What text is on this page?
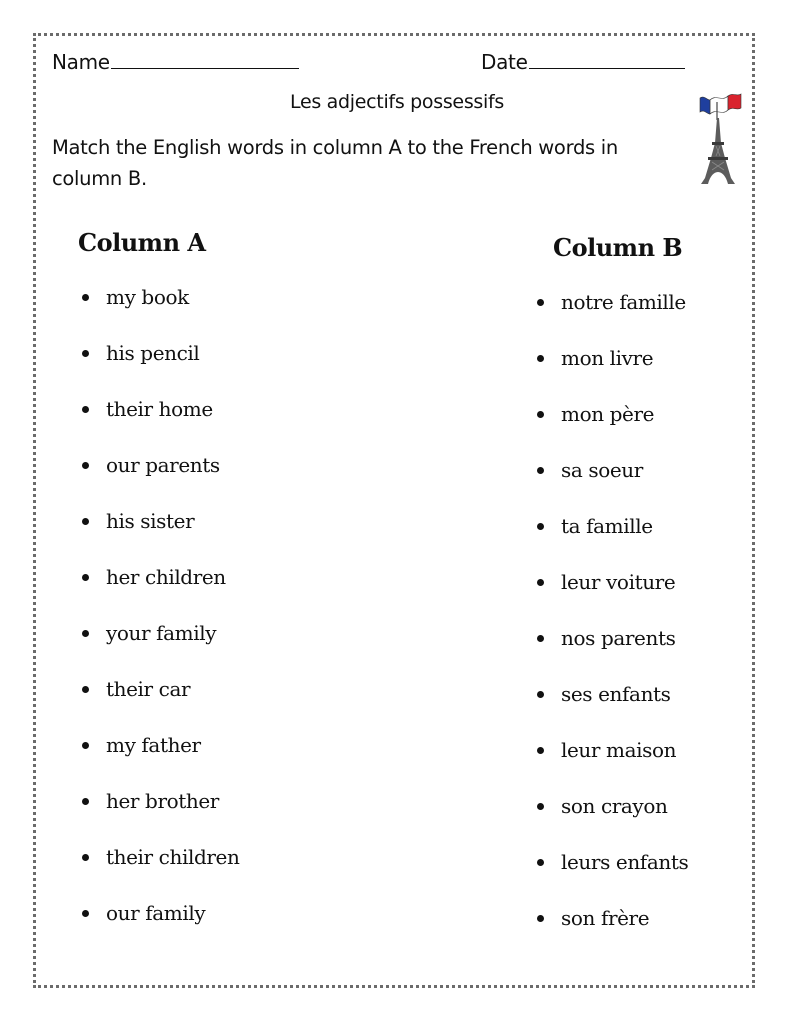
Name	Date
Les adjectifs possessifs
Match the English words in column A to the French words in column B.
Column A	Column B
my book
his pencil
their home
our parents
his sister
her children
your family
their car
my father
her brother
their children
our family
notre famille
mon livre
mon père
sa soeur
ta famille
leur voiture
nos parents
ses enfants
leur maison
son crayon
leurs enfants
son frère
